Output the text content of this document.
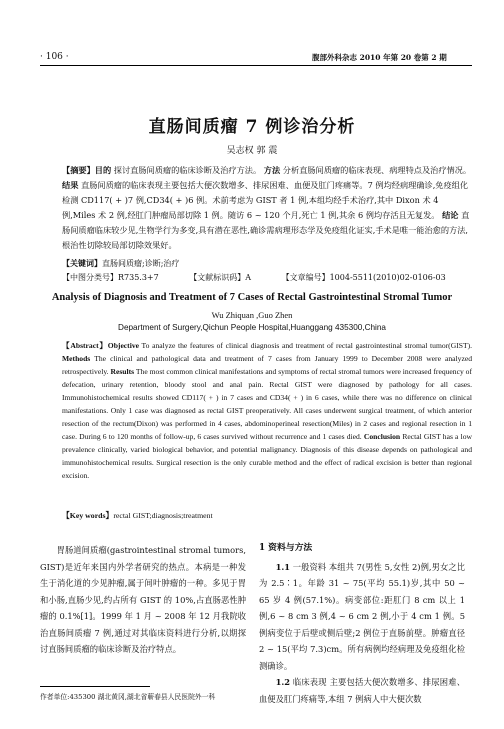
· 106 ·	腹部外科杂志 2010 年第 20 卷第 2 期
直肠间质瘤 7 例诊治分析
吴志权 郭 震

【摘要】目的 探讨直肠间质瘤的临床诊断及治疗方法。 方法 分析直肠间质瘤的临床表现、病理特点及治疗情况。 结果 直肠间质瘤的临床表现主要包括大便次数增多、排尿困难、血便及肛门疼痛等。7 例均经病理确诊,免疫组化检测 CD117( + )7 例,CD34( + )6 例。术前考虑为 GIST 者 1 例,本组均经手术治疗,其中 Dixon 术 4 例,Miles 术 2 例,经肛门肿瘤局部切除 1 例。随访 6 ~ 120 个月,死亡 1 例,其余 6 例均存活且无复发。 结论 直肠间质瘤临床较少见,生物学行为多变,具有潜在恶性,确诊需病理形态学及免疫组化证实,手术是唯一能治愈的方法,根治性切除较局部切除效果好。

【关键词】直肠间质瘤;诊断;治疗
【中图分类号】R735.3+7	【文献标识码】A	【文章编号】1004-5511(2010)02-0106-03
Analysis of Diagnosis and Treatment of 7 Cases of Rectal Gastrointestinal Stromal Tumor
Wu Zhiquan ,Guo Zhen
Department of Surgery,Qichun People Hospital,Huanggang 435300,China

【Abstract】Objective To analyze the features of clinical diagnosis and treatment of rectal gastrointestinal stromal tumor(GIST). Methods The clinical and pathological data and treatment of 7 cases from January 1999 to December 2008 were analyzed retrospectively. Results The most common clinical manifestations and symptoms of rectal stromal tumors were increased frequency of defecation, urinary retention, bloody stool and anal pain. Rectal GIST were diagnosed by pathology for all cases. Immunohistochemical results showed CD117( + ) in 7 cases and CD34( + ) in 6 cases, while there was no difference on clinical manifestations. Only 1 case was diagnosed as rectal GIST preoperatively. All cases underwent surgical treatment, of which anterior resection of the rectum(Dixon) was performed in 4 cases, abdominoperineal resection(Miles) in 2 cases and regional resection in 1 case. During 6 to 120 months of follow-up, 6 cases survived without recurrence and 1 cases died. Conclusion Rectal GIST has a low prevalence clinically, varied biological behavior, and potential malignancy. Diagnosis of this disease depends on pathological and immunohistochemical results. Surgical resection is the only curable method and the effect of radical excision is better than regional excision.

【Key words】rectal GIST;diagnosis;treatment

胃肠道间质瘤(gastrointestinal stromal tumors, GIST)是近年来国内外学者研究的热点。本病是一种发生于消化道的少见肿瘤,属于间叶肿瘤的一种。多见于胃和小肠,直肠少见,约占所有 GIST 的 10%,占直肠恶性肿瘤的 0.1%[1]。1999 年 1 月 ~ 2008 年 12 月我院收治直肠间质瘤 7 例,通过对其临床资料进行分析,以期探讨直肠间质瘤的临床诊断及治疗特点。

1 资料与方法

1.1 一般资料 本组共 7(男性 5,女性 2)例,男女之比为 2.5∶1。年龄 31 ~ 75(平均 55.1)岁,其中 50 ~ 65 岁 4 例(57.1%)。病变部位:距肛门 8 cm 以上 1 例,6 ~ 8 cm 3 例,4 ~ 6 cm 2 例,小于 4 cm 1 例。5 例病变位于后壁或侧后壁;2 例位于直肠前壁。肿瘤直径 2 ~ 15(平均 7.3)cm。所有病例均经病理及免疫组化检测确诊。

1.2 临床表现 主要包括大便次数增多、排尿困难、血便及肛门疼痛等,本组 7 例病人中大便次数

作者单位:435300 湖北黄冈,湖北省蕲春县人民医院外一科
